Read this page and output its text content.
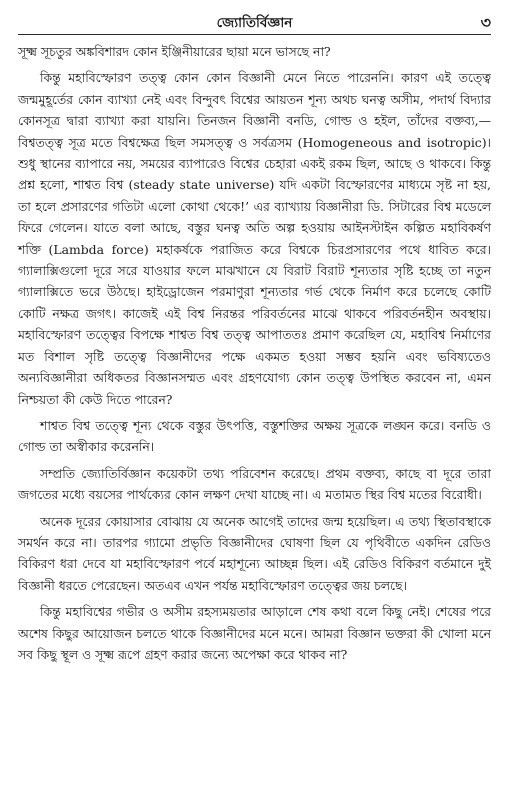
জ্যোতির্বিজ্ঞান	৩

সূক্ষ্ম সূচতুর অঙ্কবিশারদ কোন ইঞ্জিনীয়ারের ছায়া মনে ভাসছে না?

কিন্তু মহাবিস্ফোরণ তত্ত্ব কোন কোন বিজ্ঞানী মেনে নিতে পারেননি। কারণ এই তত্ত্বে জন্মমুহূর্তের কোন ব্যাখ্যা নেই এবং বিন্দুবৎ বিশ্বের আয়তন শূন্য অথচ ঘনত্ব অসীম, পদার্থ বিদ্যার কোনসূত্র দ্বারা ব্যাখ্যা করা যায়নি। তিনজন বিজ্ঞানী বনডি, গোল্ড ও হইল, তাঁদের বক্তব্য,—বিশ্বতত্ত্ব সূত্র মতে বিশ্বক্ষেত্র ছিল সমসত্ত্ব ও সর্বত্রসম (Homogeneous and isotropic)। শুধু স্থানের ব্যাপারে নয়, সময়ের ব্যাপারেও বিশ্বের চেহারা একই রকম ছিল, আছে ও থাকবে। কিন্তু প্রশ্ন হলো, শাশ্বত বিশ্ব (steady state universe) যদি একটা বিস্ফোরণের মাধ্যমে সৃষ্ট না হয়, তা হলে প্রসারণের গতিটা এলো কোথা থেকে!’ এর ব্যাখ্যায় বিজ্ঞানীরা ডি. সিটারের বিশ্ব মডেলে ফিরে গেলেন। যাতে বলা আছে, বস্তুর ঘনত্ব অতি অল্প হওয়ায় আইনস্টাইন কল্পিত মহাবিকর্ষণ শক্তি (Lambda force) মহাকর্ষকে পরাজিত করে বিশ্বকে চিরপ্রসারণের পথে ধাবিত করে। গ্যালাক্সিগুলো দূরে সরে যাওয়ার ফলে মাঝখানে যে বিরাট বিরাট শূন্যতার সৃষ্টি হচ্ছে তা নতুন গ্যালাক্সিতে ভরে উঠছে। হাইড্রোজেন পরমাণুরা শূন্যতার গর্ভ থেকে নির্মাণ করে চলেছে কোটি কোটি নক্ষত্র জগৎ। কাজেই এই বিশ্ব নিরন্তর পরিবর্তনের মাঝে থাকবে পরিবর্তনহীন অবস্থায়। মহাবিস্ফোরণ তত্ত্বের বিপক্ষে শাশ্বত বিশ্ব তত্ত্ব আপাততঃ প্রমাণ করেছিল যে, মহাবিশ্ব নির্মাণের মত বিশাল সৃষ্টি তত্ত্বে বিজ্ঞানীদের পক্ষে একমত হওয়া সম্ভব হয়নি এবং ভবিষ্যতেও অন্যবিজ্ঞানীরা অধিকতর বিজ্ঞানসম্মত এবং গ্রহণযোগ্য কোন তত্ত্ব উপস্থিত করবেন না, এমন নিশ্চয়তা কী কেউ দিতে পারেন?

শাশ্বত বিশ্ব তত্ত্বে শূন্য থেকে বস্তুর উৎপত্তি, বস্তুশক্তির অক্ষয় সূত্রকে লঙ্ঘন করে। বনডি ও গোল্ড তা অস্বীকার করেননি।

সম্প্রতি জ্যোতির্বিজ্ঞান কয়েকটা তথ্য পরিবেশন করেছে। প্রথম বক্তব্য, কাছে বা দূরে তারা জগতের মধ্যে বয়সের পার্থক্যের কোন লক্ষণ দেখা যাচ্ছে না। এ মতামত স্থির বিশ্ব মতের বিরোধী।

অনেক দূরের কোয়াসার বোঝায় যে অনেক আগেই তাদের জন্ম হয়েছিল। এ তথ্য স্থিতাবস্থাকে সমর্থন করে না। তারপর গ্যামো প্রভৃতি বিজ্ঞানীদের ঘোষণা ছিল যে পৃথিবীতে একদিন রেডিও বিকিরণ ধরা দেবে যা মহাবিস্ফোরণ পর্বে মহাশূন্যে আচ্ছন্ন ছিল। এই রেডিও বিকিরণ বর্তমানে দুই বিজ্ঞানী ধরতে পেরেছেন। অতএব এখন পর্যন্ত মহাবিস্ফোরণ তত্ত্বের জয় চলছে।

কিন্তু মহাবিশ্বের গভীর ও অসীম রহস্যময়তার আড়ালে শেষ কথা বলে কিছু নেই। শেষের পরে অশেষ কিছুর আয়োজন চলতে থাকে বিজ্ঞানীদের মনে মনে। আমরা বিজ্ঞান ভক্তরা কী খোলা মনে সব কিছু স্থূল ও সূক্ষ্ম রূপে গ্রহণ করার জন্যে অপেক্ষা করে থাকব না?
